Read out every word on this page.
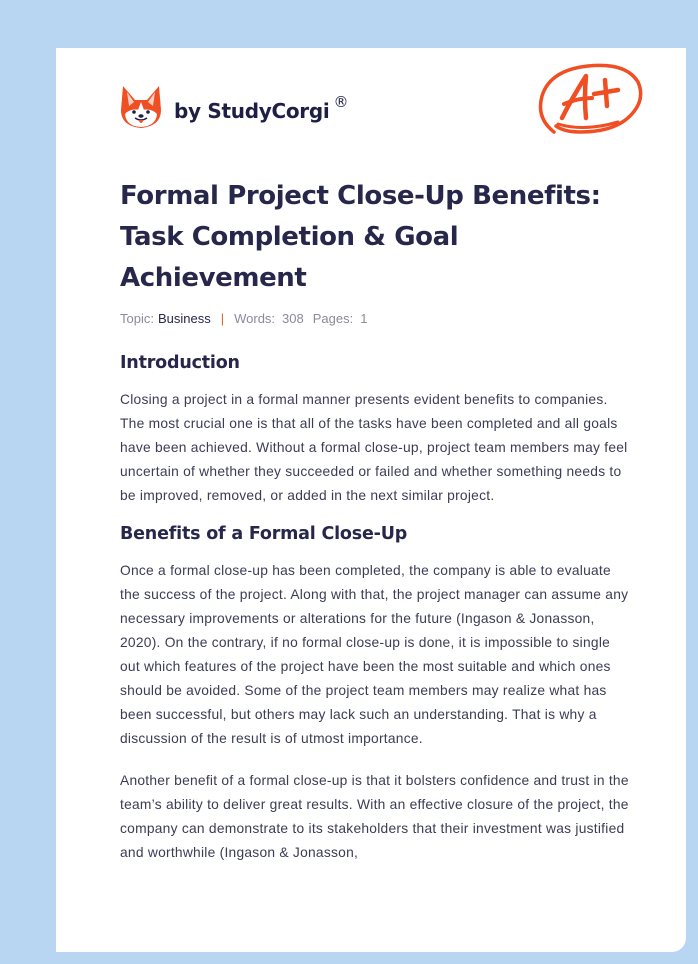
by StudyCorgi ®
Formal Project Close-Up Benefits: Task Completion & Goal Achievement
Topic: Business | Words: 308 Pages: 1
Introduction

Closing a project in a formal manner presents evident benefits to companies. The most crucial one is that all of the tasks have been completed and all goals have been achieved. Without a formal close-up, project team members may feel uncertain of whether they succeeded or failed and whether something needs to be improved, removed, or added in the next similar project.

Benefits of a Formal Close-Up

Once a formal close-up has been completed, the company is able to evaluate the success of the project. Along with that, the project manager can assume any necessary improvements or alterations for the future (Ingason & Jonasson, 2020). On the contrary, if no formal close-up is done, it is impossible to single out which features of the project have been the most suitable and which ones should be avoided. Some of the project team members may realize what has been successful, but others may lack such an understanding. That is why a discussion of the result is of utmost importance.

Another benefit of a formal close-up is that it bolsters confidence and trust in the team’s ability to deliver great results. With an effective closure of the project, the company can demonstrate to its stakeholders that their investment was justified and worthwhile (Ingason & Jonasson,
